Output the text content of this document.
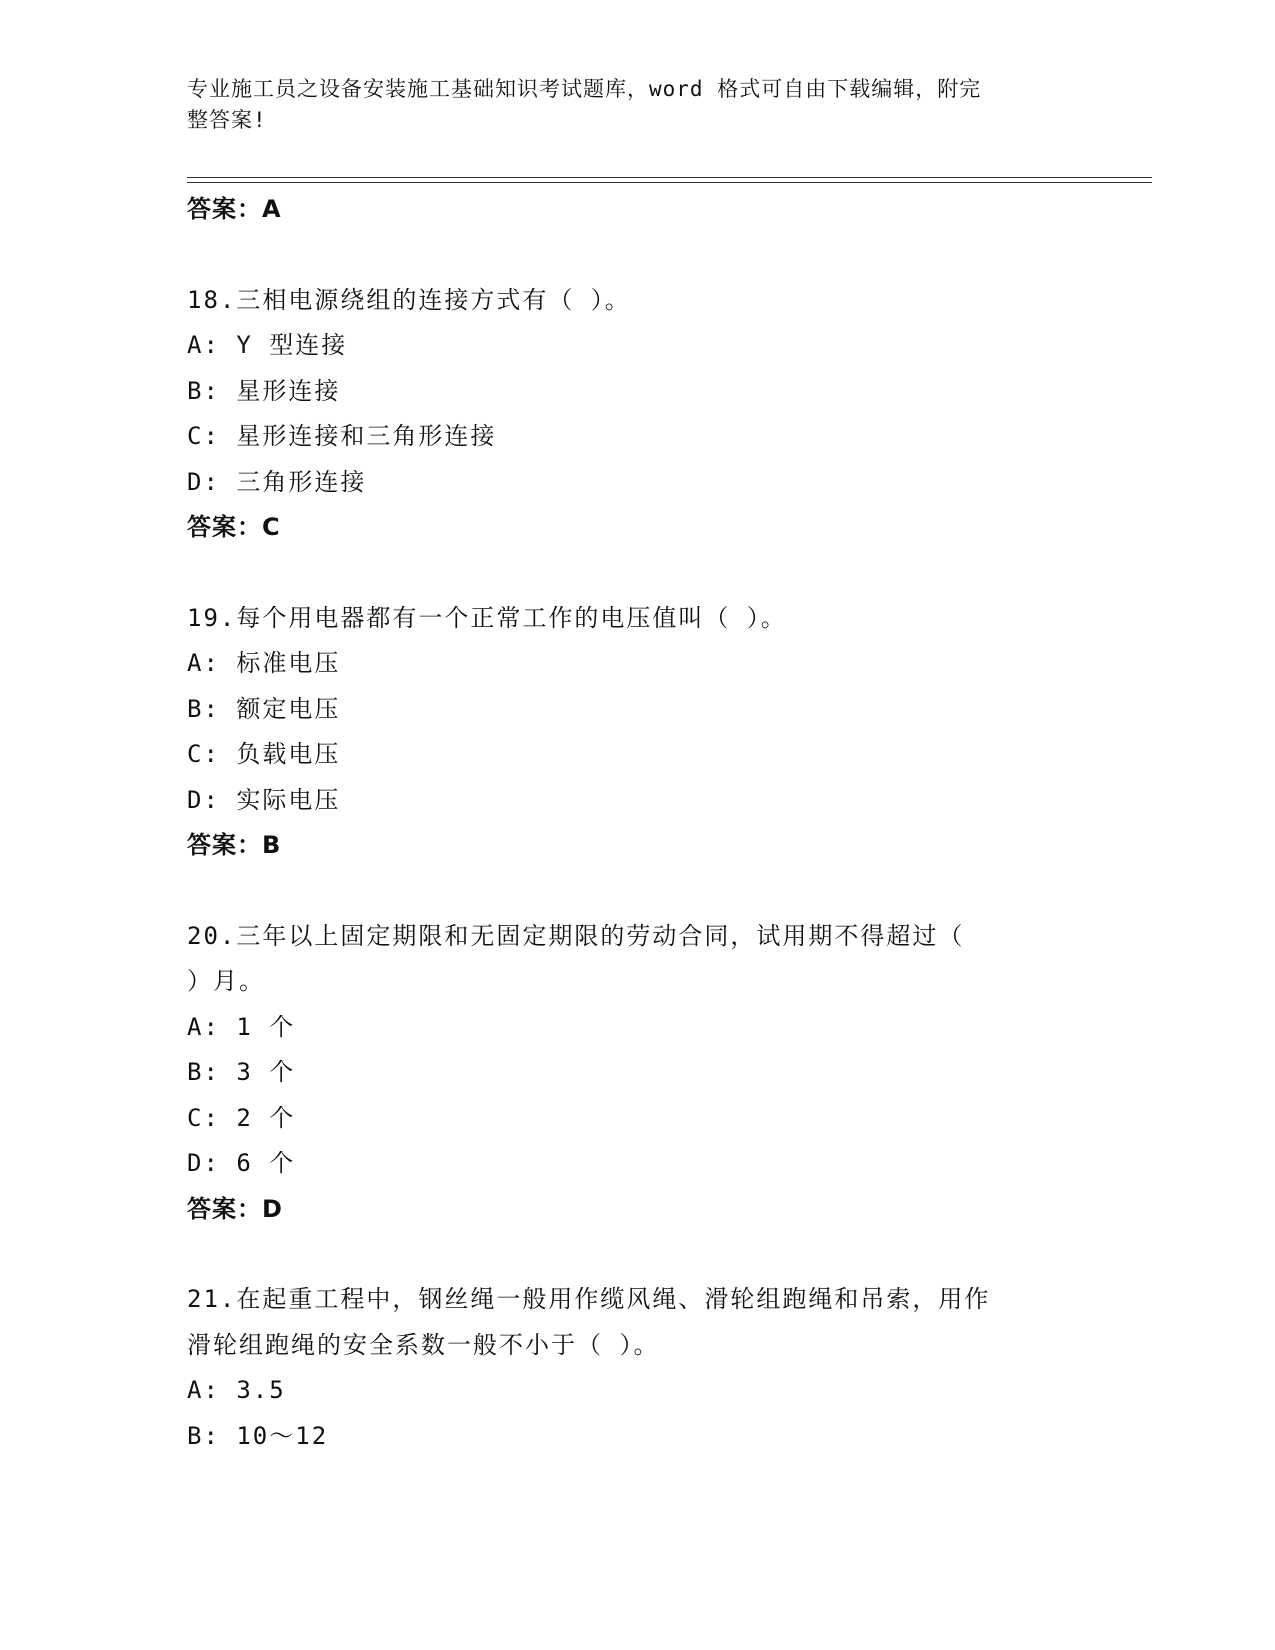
专业施工员之设备安装施工基础知识考试题库，word 格式可自由下载编辑，附完
整答案!
答案：A
18.三相电源绕组的连接方式有（ ）。
A: Y 型连接
B: 星形连接
C: 星形连接和三角形连接
D: 三角形连接
答案：C
19.每个用电器都有一个正常工作的电压值叫（ ）。
A: 标准电压
B: 额定电压
C: 负载电压
D: 实际电压
答案：B
20.三年以上固定期限和无固定期限的劳动合同，试用期不得超过（
）月。
A: 1 个
B: 3 个
C: 2 个
D: 6 个
答案：D
21.在起重工程中，钢丝绳一般用作缆风绳、滑轮组跑绳和吊索，用作
滑轮组跑绳的安全系数一般不小于（ ）。
A: 3.5
B: 10～12
